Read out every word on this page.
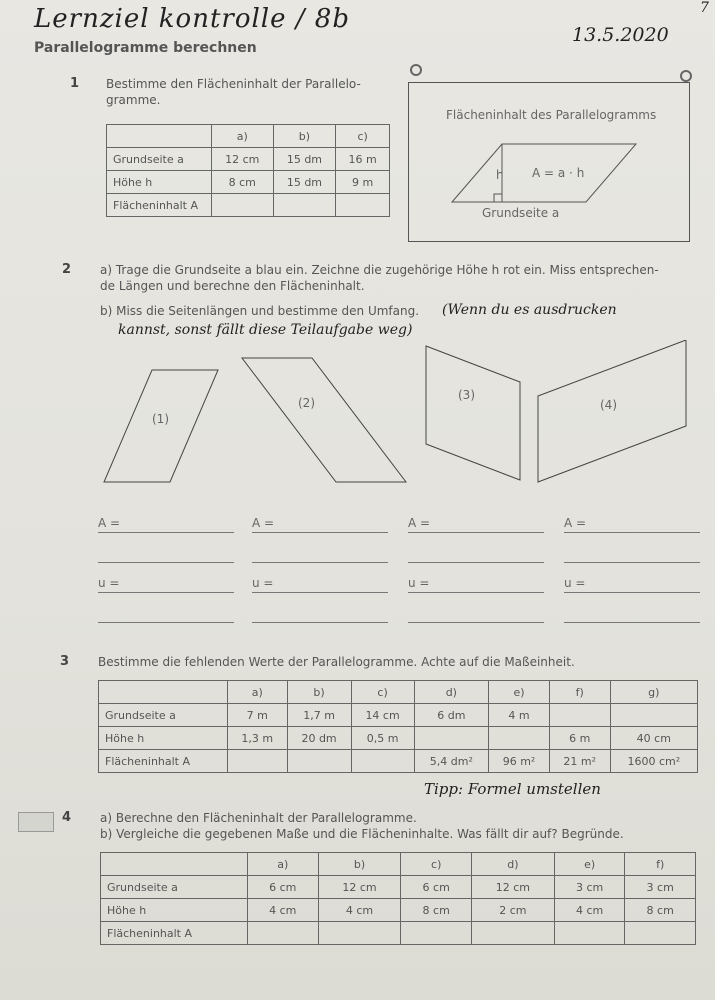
Lernziel kontrolle / 8b
13.5.2020
7
Parallelogramme berechnen
1 Bestimme den Flächeninhalt der Parallelo-
gramme.
	a)	b)	c)
Grundseite a	12 cm	15 dm	16 m
Höhe h	8 cm	15 dm	9 m
Flächeninhalt A			
Flächeninhalt des Parallelogramms
h A = a · h
Grundseite a
2 a) Trage die Grundseite a blau ein. Zeichne die zugehörige Höhe h rot ein. Miss entsprechen-
de Längen und berechne den Flächeninhalt.
b) Miss die Seitenlängen und bestimme den Umfang. (Wenn du es ausdrucken
kannst, sonst fällt diese Teilaufgabe weg)
(1)
(2)
(3)
(4)
A =	A =	A =	A =
u =	u =	u =	u =
3 Bestimme die fehlenden Werte der Parallelogramme. Achte auf die Maßeinheit.
	a)	b)	c)	d)	e)	f)	g)
Grundseite a	7 m	1,7 m	14 cm	6 dm	4 m		
Höhe h	1,3 m	20 dm	0,5 m			6 m	40 cm
Flächeninhalt A				5,4 dm²	96 m²	21 m²	1600 cm²
Tipp: Formel umstellen
4 a) Berechne den Flächeninhalt der Parallelogramme.
b) Vergleiche die gegebenen Maße und die Flächeninhalte. Was fällt dir auf? Begründe.
	a)	b)	c)	d)	e)	f)
Grundseite a	6 cm	12 cm	6 cm	12 cm	3 cm	3 cm
Höhe h	4 cm	4 cm	8 cm	2 cm	4 cm	8 cm
Flächeninhalt A						
